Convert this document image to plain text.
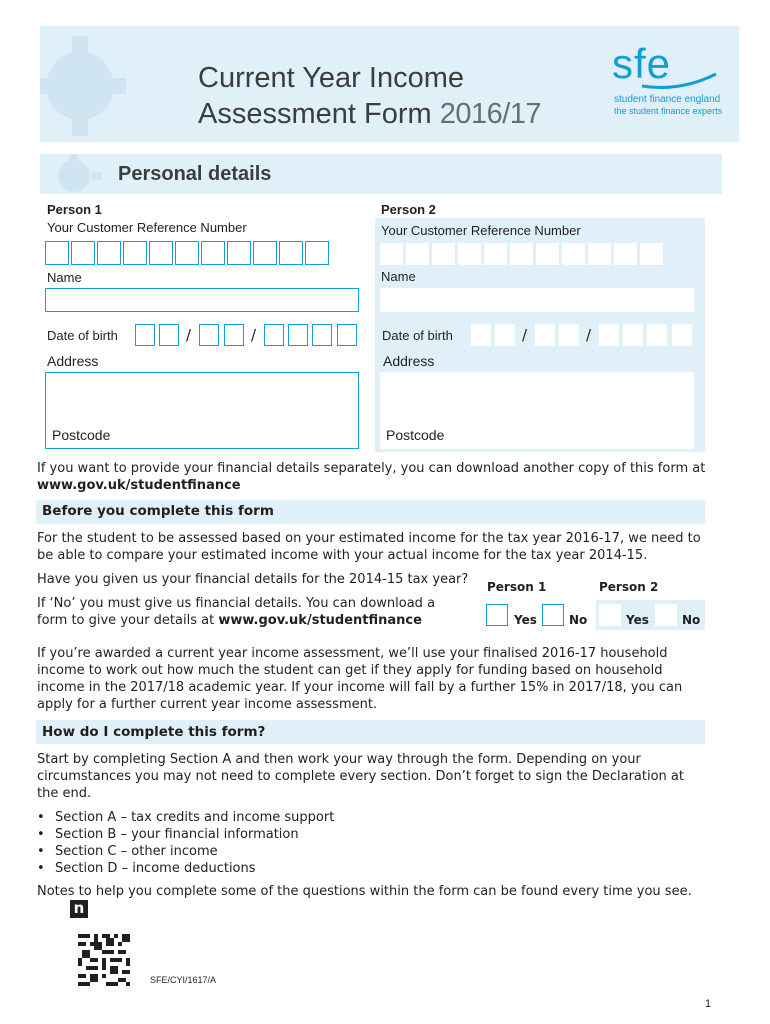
Current Year Income
Assessment Form 2016/17
sfe
student finance england
the student finance experts
Personal details
Person 1
Your Customer Reference Number
Name
Date of birth	/	/
Address
Postcode
Person 2
Your Customer Reference Number
Name
Date of birth	/	/
Address
Postcode
If you want to provide your financial details separately, you can download another copy of this form at www.gov.uk/studentfinance
Before you complete this form
For the student to be assessed based on your estimated income for the tax year 2016-17, we need to be able to compare your estimated income with your actual income for the tax year 2014-15.
Have you given us your financial details for the 2014-15 tax year?
If ‘No’ you must give us financial details. You can download a form to give your details at www.gov.uk/studentfinance
Person 1	Person 2
Yes	No	Yes	No
If you’re awarded a current year income assessment, we’ll use your finalised 2016-17 household income to work out how much the student can get if they apply for funding based on household income in the 2017/18 academic year. If your income will fall by a further 15% in 2017/18, you can apply for a further current year income assessment.
How do I complete this form?
Start by completing Section A and then work your way through the form. Depending on your circumstances you may not need to complete every section. Don’t forget to sign the Declaration at the end.
• Section A – tax credits and income support
• Section B – your financial information
• Section C – other income
• Section D – income deductions
Notes to help you complete some of the questions within the form can be found every time you see.
n
SFE/CYI/1617/A
1
